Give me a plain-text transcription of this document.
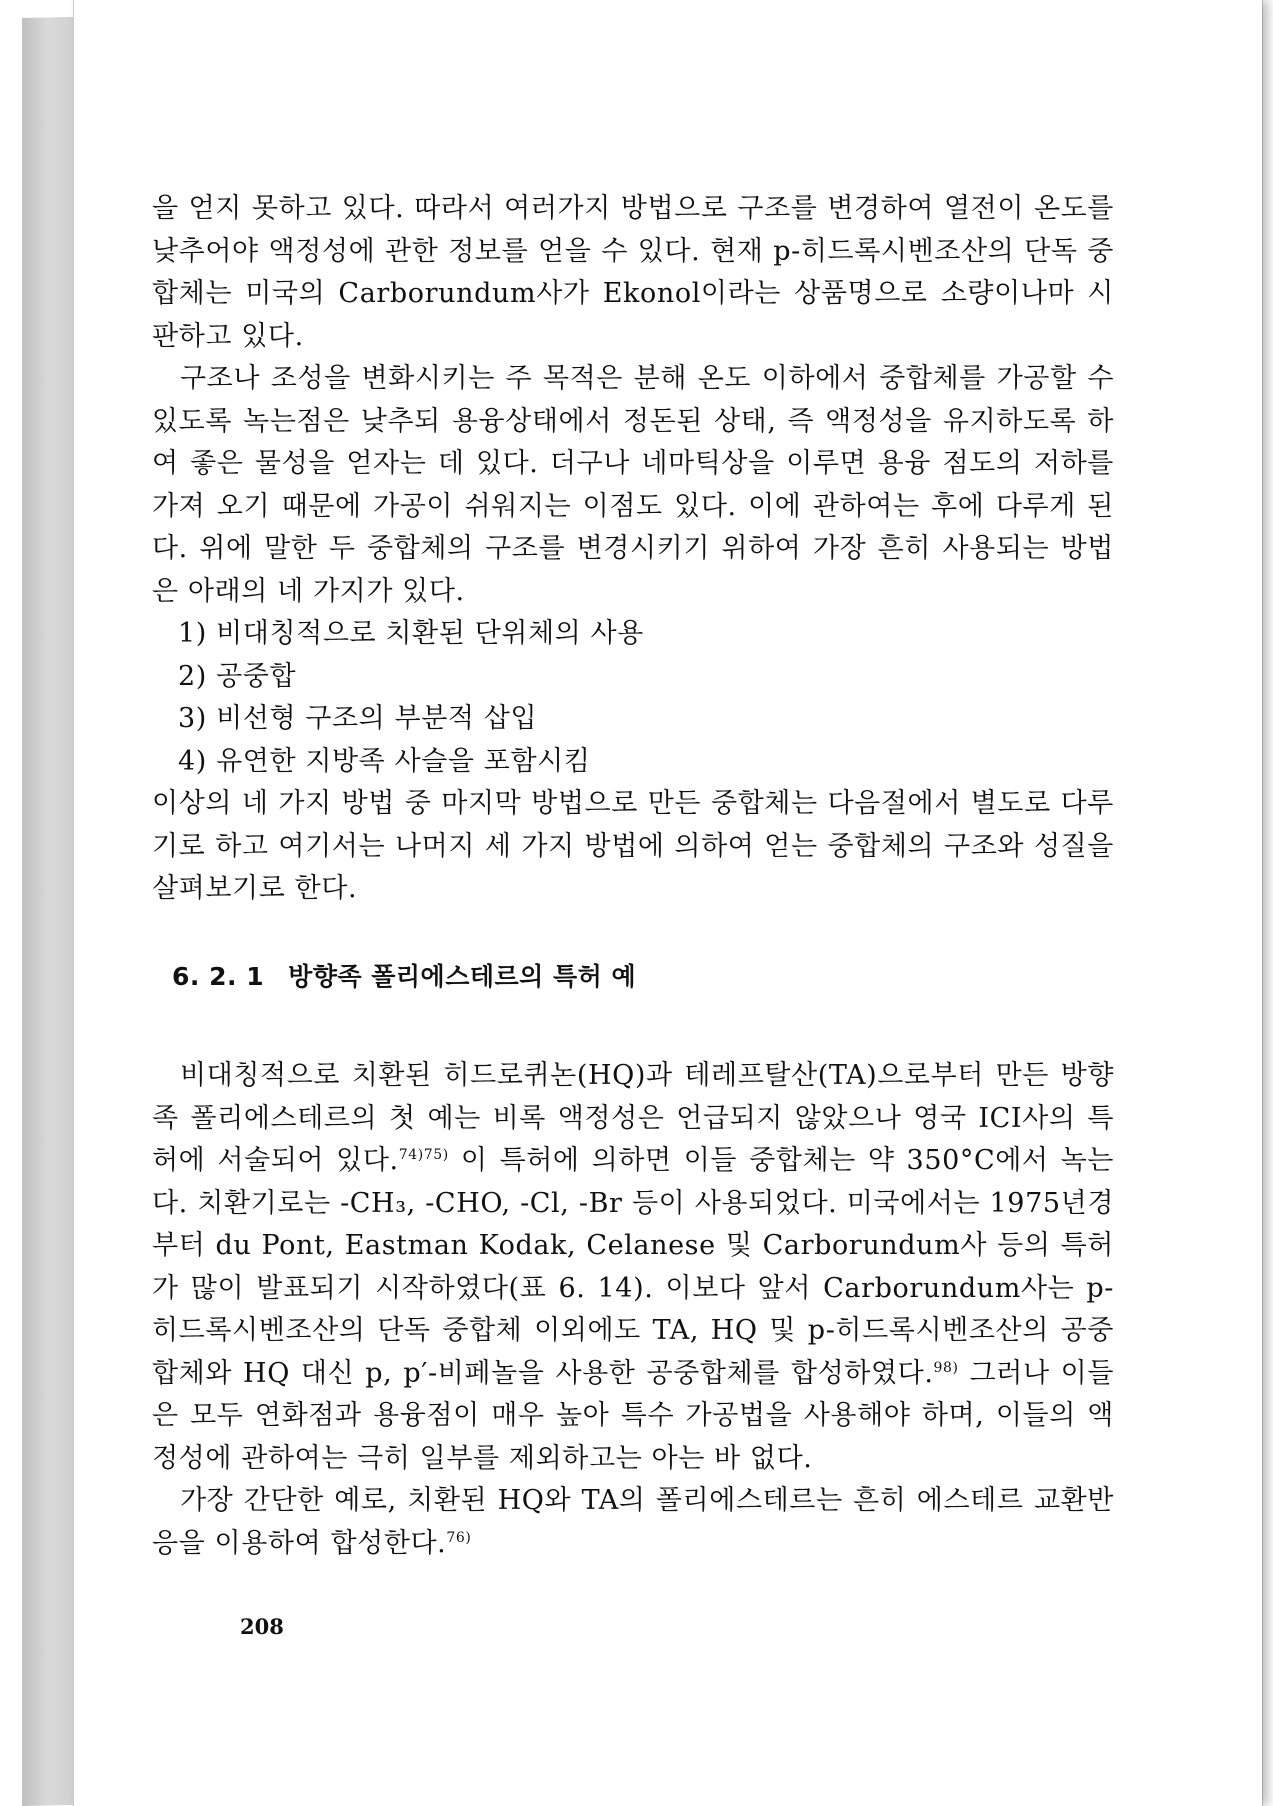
을 얻지 못하고 있다. 따라서 여러가지 방법으로 구조를 변경하여 열전이 온도를 낮추어야 액정성에 관한 정보를 얻을 수 있다. 현재 p-히드록시벤조산의 단독 중합체는 미국의 Carborundum사가 Ekonol이라는 상품명으로 소량이나마 시판하고 있다.

구조나 조성을 변화시키는 주 목적은 분해 온도 이하에서 중합체를 가공할 수 있도록 녹는점은 낮추되 용융상태에서 정돈된 상태, 즉 액정성을 유지하도록 하여 좋은 물성을 얻자는 데 있다. 더구나 네마틱상을 이루면 용융 점도의 저하를 가져 오기 때문에 가공이 쉬워지는 이점도 있다. 이에 관하여는 후에 다루게 된다. 위에 말한 두 중합체의 구조를 변경시키기 위하여 가장 흔히 사용되는 방법은 아래의 네 가지가 있다.

1) 비대칭적으로 치환된 단위체의 사용
2) 공중합
3) 비선형 구조의 부분적 삽입
4) 유연한 지방족 사슬을 포함시킴

이상의 네 가지 방법 중 마지막 방법으로 만든 중합체는 다음절에서 별도로 다루기로 하고 여기서는 나머지 세 가지 방법에 의하여 얻는 중합체의 구조와 성질을 살펴보기로 한다.

6. 2. 1 방향족 폴리에스테르의 특허 예

비대칭적으로 치환된 히드로퀴논(HQ)과 테레프탈산(TA)으로부터 만든 방향족 폴리에스테르의 첫 예는 비록 액정성은 언급되지 않았으나 영국 ICI사의 특허에 서술되어 있다.$^{74)75)}$ 이 특허에 의하면 이들 중합체는 약 350°C에서 녹는다. 치환기로는 -CH₃, -CHO, -Cl, -Br 등이 사용되었다. 미국에서는 1975년경부터 du Pont, Eastman Kodak, Celanese 및 Carborundum사 등의 특허가 많이 발표되기 시작하였다(표 6. 14). 이보다 앞서 Carborundum사는 p-히드록시벤조산의 단독 중합체 이외에도 TA, HQ 및 p-히드록시벤조산의 공중합체와 HQ 대신 p, p′-비페놀을 사용한 공중합체를 합성하였다.$^{98)}$ 그러나 이들은 모두 연화점과 용융점이 매우 높아 특수 가공법을 사용해야 하며, 이들의 액정성에 관하여는 극히 일부를 제외하고는 아는 바 없다.

가장 간단한 예로, 치환된 HQ와 TA의 폴리에스테르는 흔히 에스테르 교환반응을 이용하여 합성한다.$^{76)}$

208
